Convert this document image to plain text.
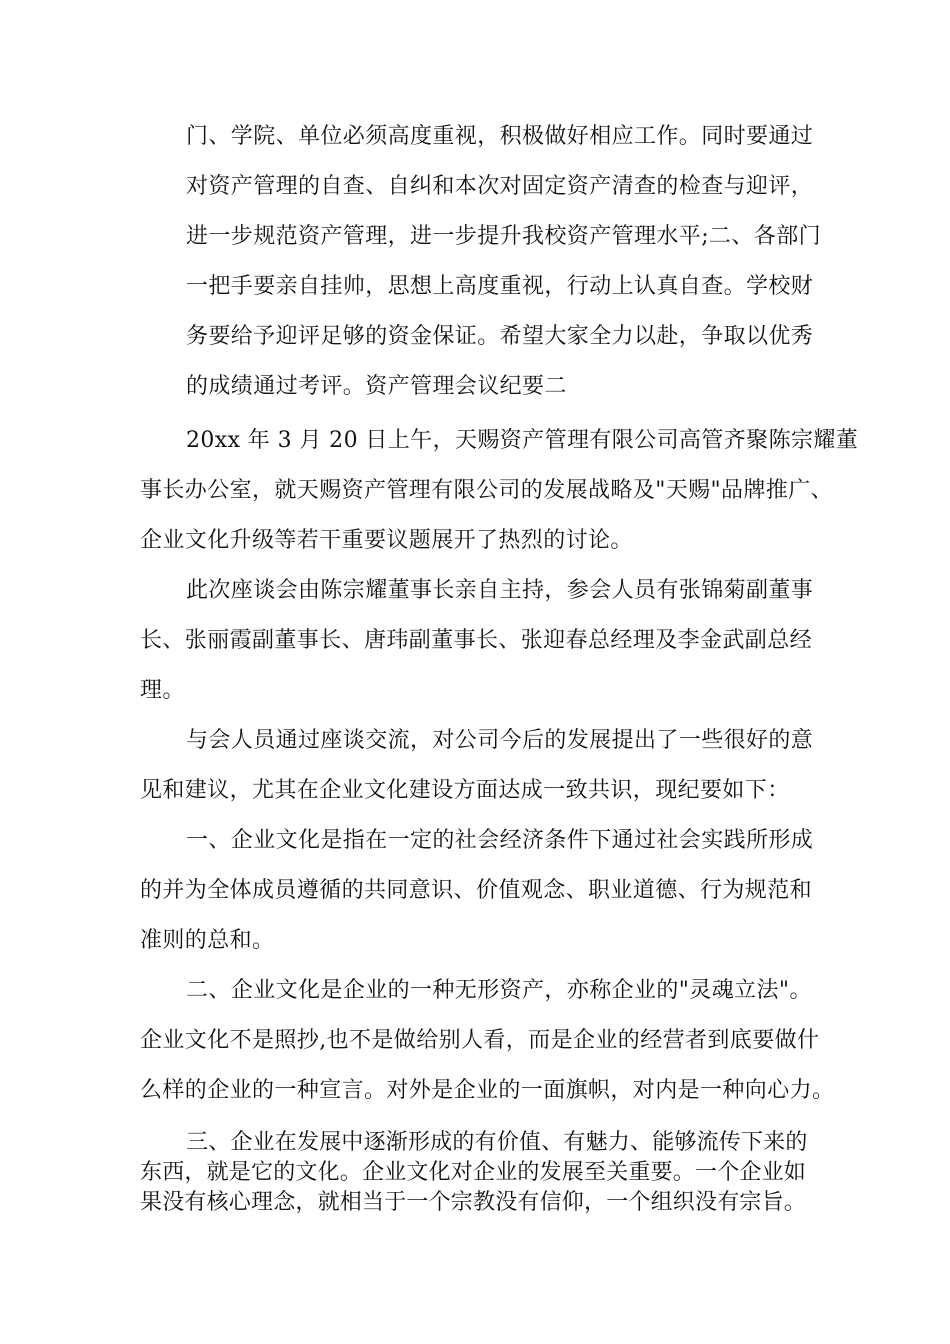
门、学院、单位必须高度重视，积极做好相应工作。同时要通过
对资产管理的自查、自纠和本次对固定资产清查的检查与迎评，
进一步规范资产管理，进一步提升我校资产管理水平;二、各部门
一把手要亲自挂帅，思想上高度重视，行动上认真自查。学校财
务要给予迎评足够的资金保证。希望大家全力以赴，争取以优秀
的成绩通过考评。资产管理会议纪要二
20xx 年 3 月 20 日上午，天赐资产管理有限公司高管齐聚陈宗耀董
事长办公室，就天赐资产管理有限公司的发展战略及"天赐"品牌推广、
企业文化升级等若干重要议题展开了热烈的讨论。
此次座谈会由陈宗耀董事长亲自主持，参会人员有张锦菊副董事
长、张丽霞副董事长、唐玮副董事长、张迎春总经理及李金武副总经
理。
与会人员通过座谈交流，对公司今后的发展提出了一些很好的意
见和建议，尤其在企业文化建设方面达成一致共识，现纪要如下：
一、企业文化是指在一定的社会经济条件下通过社会实践所形成
的并为全体成员遵循的共同意识、价值观念、职业道德、行为规范和
准则的总和。
二、企业文化是企业的一种无形资产，亦称企业的"灵魂立法"。
企业文化不是照抄,也不是做给别人看，而是企业的经营者到底要做什
么样的企业的一种宣言。对外是企业的一面旗帜，对内是一种向心力。
三、企业在发展中逐渐形成的有价值、有魅力、能够流传下来的
东西，就是它的文化。企业文化对企业的发展至关重要。一个企业如
果没有核心理念，就相当于一个宗教没有信仰，一个组织没有宗旨。
